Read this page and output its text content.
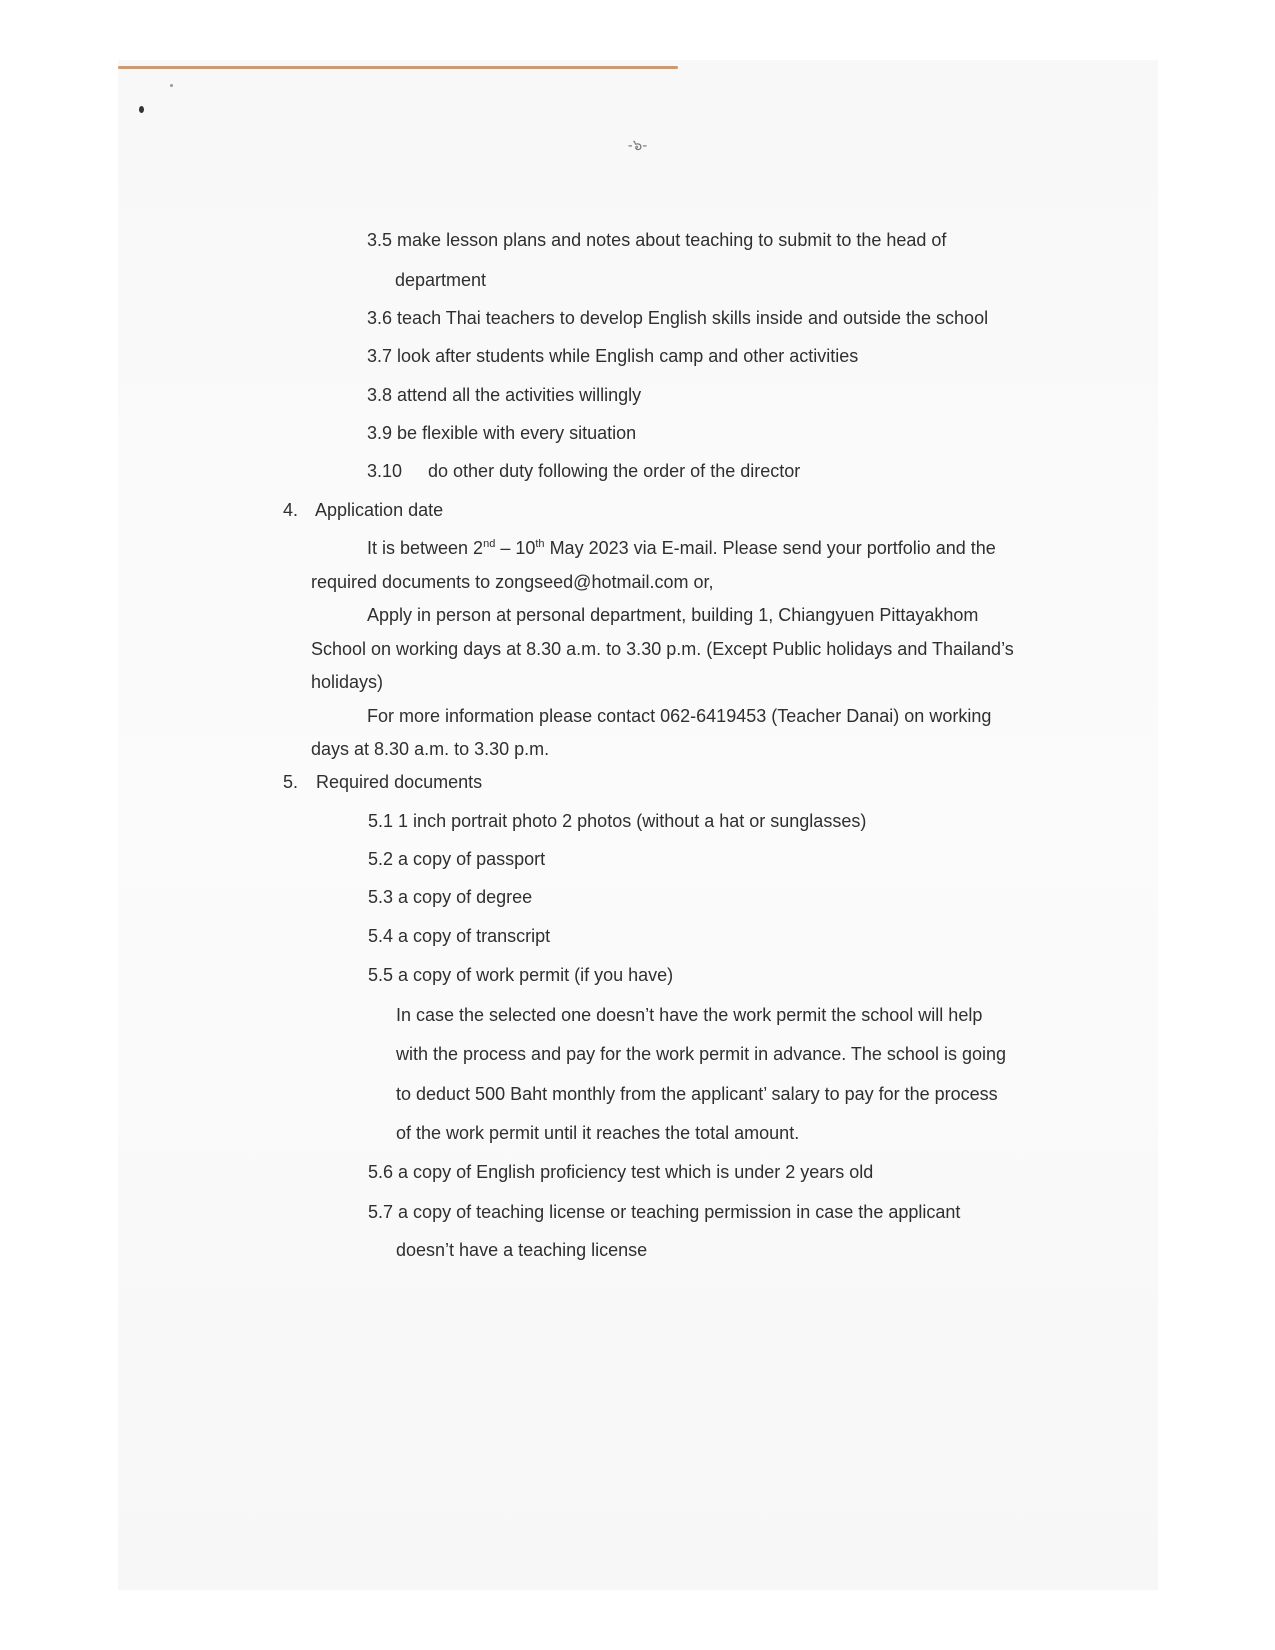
-๖-
3.5 make lesson plans and notes about teaching to submit to the head of
department
3.6 teach Thai teachers to develop English skills inside and outside the school
3.7 look after students while English camp and other activities
3.8 attend all the activities willingly
3.9 be flexible with every situation
3.10 do other duty following the order of the director
4. Application date
It is between 2nd – 10th May 2023 via E-mail. Please send your portfolio and the
required documents to zongseed@hotmail.com or,
Apply in person at personal department, building 1, Chiangyuen Pittayakhom
School on working days at 8.30 a.m. to 3.30 p.m. (Except Public holidays and Thailand’s
holidays)
For more information please contact 062-6419453 (Teacher Danai) on working
days at 8.30 a.m. to 3.30 p.m.
5. Required documents
5.1 1 inch portrait photo 2 photos (without a hat or sunglasses)
5.2 a copy of passport
5.3 a copy of degree
5.4 a copy of transcript
5.5 a copy of work permit (if you have)
In case the selected one doesn’t have the work permit the school will help
with the process and pay for the work permit in advance. The school is going
to deduct 500 Baht monthly from the applicant’ salary to pay for the process
of the work permit until it reaches the total amount.
5.6 a copy of English proficiency test which is under 2 years old
5.7 a copy of teaching license or teaching permission in case the applicant
doesn’t have a teaching license
